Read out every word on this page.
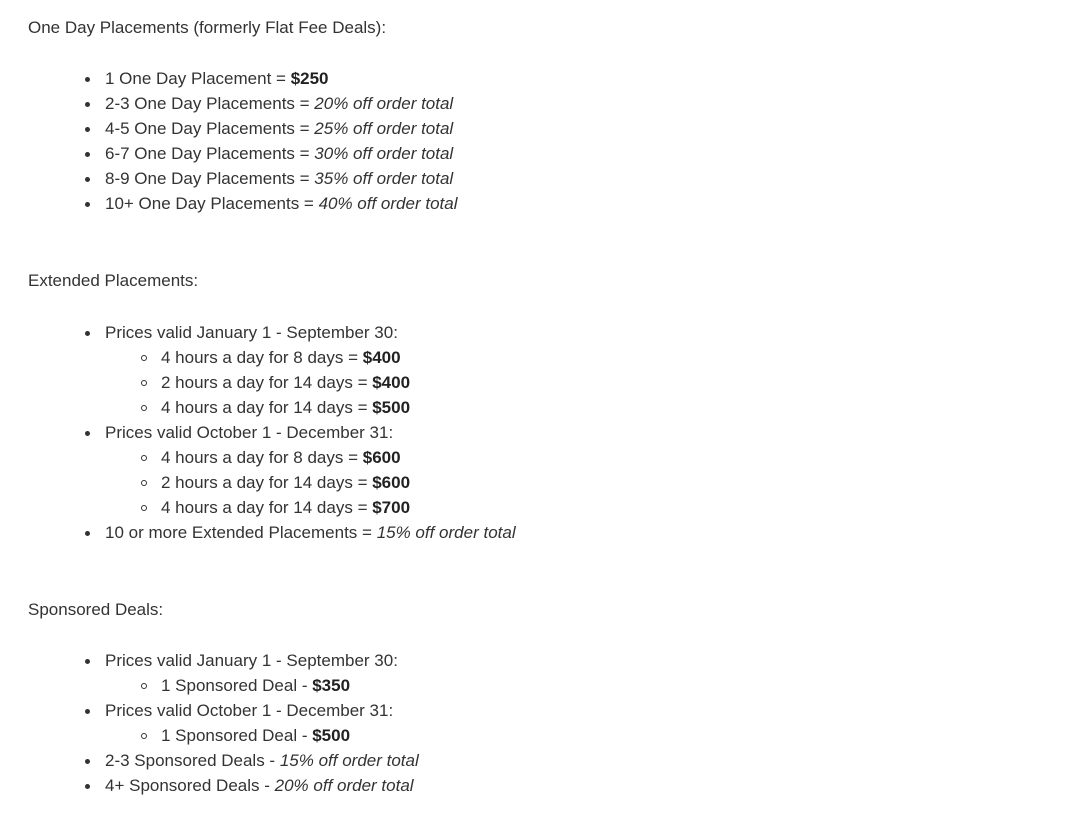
One Day Placements (formerly Flat Fee Deals):
1 One Day Placement = $250
2-3 One Day Placements = 20% off order total
4-5 One Day Placements = 25% off order total
6-7 One Day Placements = 30% off order total
8-9 One Day Placements = 35% off order total
10+ One Day Placements = 40% off order total
Extended Placements:
Prices valid January 1 - September 30:
4 hours a day for 8 days = $400
2 hours a day for 14 days = $400
4 hours a day for 14 days = $500
Prices valid October 1 - December 31:
4 hours a day for 8 days = $600
2 hours a day for 14 days = $600
4 hours a day for 14 days = $700
10 or more Extended Placements = 15% off order total
Sponsored Deals:
Prices valid January 1 - September 30:
1 Sponsored Deal - $350
Prices valid October 1 - December 31:
1 Sponsored Deal - $500
2-3 Sponsored Deals - 15% off order total
4+ Sponsored Deals - 20% off order total
